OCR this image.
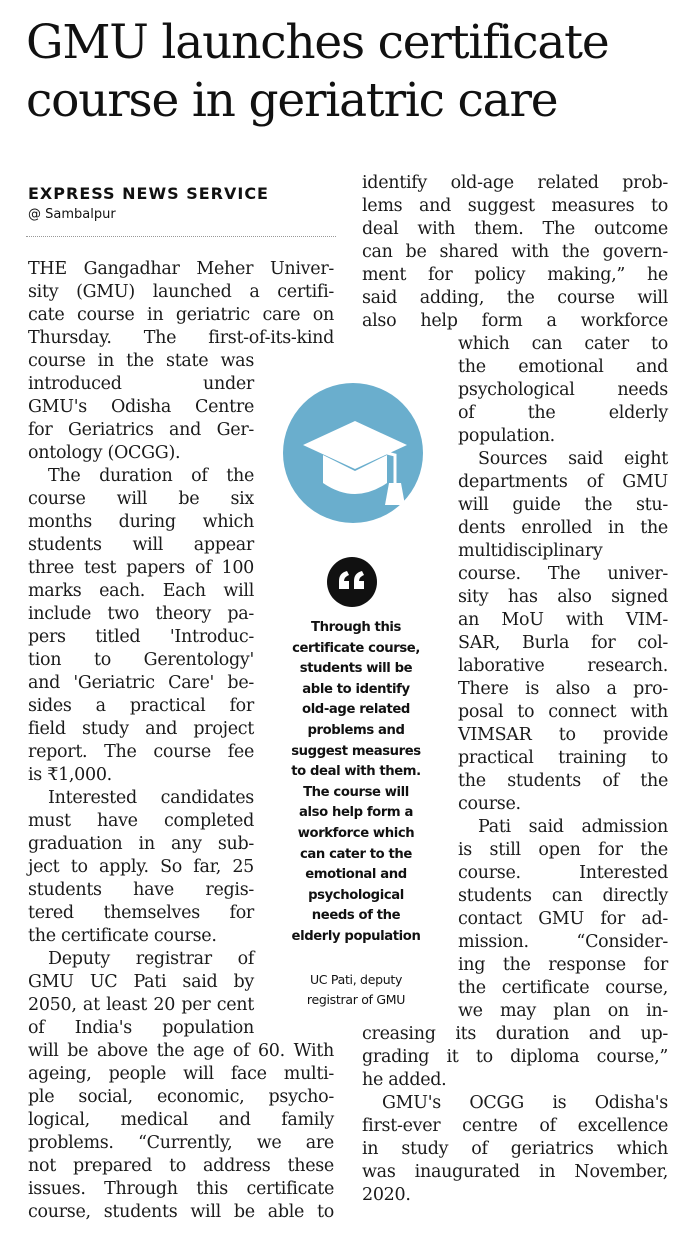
GMU launches certificate course in geriatric care
EXPRESS NEWS SERVICE
@ Sambalpur
THE Gangadhar Meher Univer-
sity (GMU) launched a certifi-
cate course in geriatric care on
Thursday. The first-of-its-kind
course in the state was
introduced under
GMU's Odisha Centre
for Geriatrics and Ger-
ontology (OCGG).
The duration of the
course will be six
months during which
students will appear
three test papers of 100
marks each. Each will
include two theory pa-
pers titled 'Introduc-
tion to Gerentology'
and 'Geriatric Care' be-
sides a practical for
field study and project
report. The course fee
is ₹1,000.
Interested candidates
must have completed
graduation in any sub-
ject to apply. So far, 25
students have regis-
tered themselves for
the certificate course.
Deputy registrar of
GMU UC Pati said by
2050, at least 20 per cent
of India's population
will be above the age of 60. With
ageing, people will face multi-
ple social, economic, psycho-
logical, medical and family
problems. “Currently, we are
not prepared to address these
issues. Through this certificate
course, students will be able to
identify old-age related prob-
lems and suggest measures to
deal with them. The outcome
can be shared with the govern-
ment for policy making,” he
said adding, the course will
also help form a workforce
which can cater to
the emotional and
psychological needs
of the elderly
population.
Sources said eight
departments of GMU
will guide the stu-
dents enrolled in the
multidisciplinary
course. The univer-
sity has also signed
an MoU with VIM-
SAR, Burla for col-
laborative research.
There is also a pro-
posal to connect with
VIMSAR to provide
practical training to
the students of the
course.
Pati said admission
is still open for the
course. Interested
students can directly
contact GMU for ad-
mission. “Consider-
ing the response for
the certificate course,
we may plan on in-
creasing its duration and up-
grading it to diploma course,”
he added.
GMU's OCGG is Odisha's
first-ever centre of excellence
in study of geriatrics which
was inaugurated in November,
2020.
Through this
certificate course,
students will be
able to identify
old-age related
problems and
suggest measures
to deal with them.
The course will
also help form a
workforce which
can cater to the
emotional and
psychological
needs of the
elderly population
UC Pati, deputy
registrar of GMU
